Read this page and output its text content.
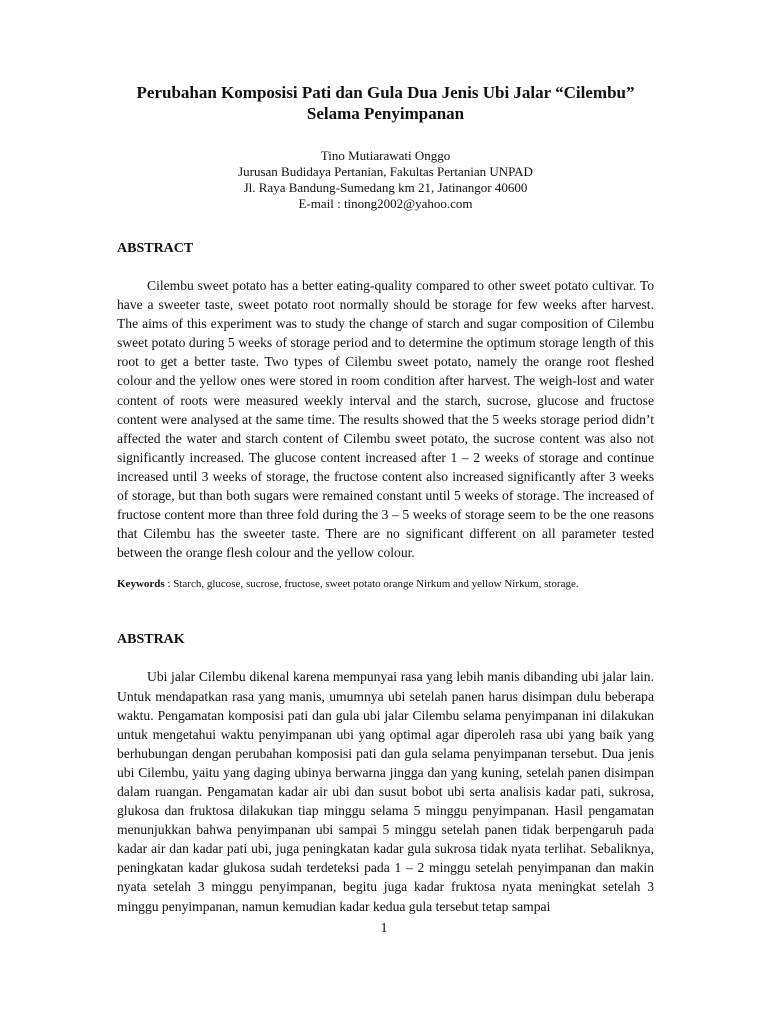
Perubahan Komposisi Pati dan Gula Dua Jenis Ubi Jalar “Cilembu”
Selama Penyimpanan
Tino Mutiarawati Onggo
Jurusan Budidaya Pertanian, Fakultas Pertanian UNPAD
Jl. Raya Bandung-Sumedang km 21, Jatinangor 40600
E-mail : tinong2002@yahoo.com
ABSTRACT

Cilembu sweet potato has a better eating-quality compared to other sweet potato cultivar. To have a sweeter taste, sweet potato root normally should be storage for few weeks after harvest. The aims of this experiment was to study the change of starch and sugar composition of Cilembu sweet potato during 5 weeks of storage period and to determine the optimum storage length of this root to get a better taste. Two types of Cilembu sweet potato, namely the orange root fleshed colour and the yellow ones were stored in room condition after harvest. The weigh-lost and water content of roots were measured weekly interval and the starch, sucrose, glucose and fructose content were analysed at the same time. The results showed that the 5 weeks storage period didn’t affected the water and starch content of Cilembu sweet potato, the sucrose content was also not significantly increased. The glucose content increased after 1 – 2 weeks of storage and continue increased until 3 weeks of storage, the fructose content also increased significantly after 3 weeks of storage, but than both sugars were remained constant until 5 weeks of storage. The increased of fructose content more than three fold during the 3 – 5 weeks of storage seem to be the one reasons that Cilembu has the sweeter taste. There are no significant different on all parameter tested between the orange flesh colour and the yellow colour.

Keywords : Starch, glucose, sucrose, fructose, sweet potato orange Nirkum and yellow Nirkum, storage.
ABSTRAK

Ubi jalar Cilembu dikenal karena mempunyai rasa yang lebih manis dibanding ubi jalar lain. Untuk mendapatkan rasa yang manis, umumnya ubi setelah panen harus disimpan dulu beberapa waktu. Pengamatan komposisi pati dan gula ubi jalar Cilembu selama penyimpanan ini dilakukan untuk mengetahui waktu penyimpanan ubi yang optimal agar diperoleh rasa ubi yang baik yang berhubungan dengan perubahan komposisi pati dan gula selama penyimpanan tersebut. Dua jenis ubi Cilembu, yaitu yang daging ubinya berwarna jingga dan yang kuning, setelah panen disimpan dalam ruangan. Pengamatan kadar air ubi dan susut bobot ubi serta analisis kadar pati, sukrosa, glukosa dan fruktosa dilakukan tiap minggu selama 5 minggu penyimpanan. Hasil pengamatan menunjukkan bahwa penyimpanan ubi sampai 5 minggu setelah panen tidak berpengaruh pada kadar air dan kadar pati ubi, juga peningkatan kadar gula sukrosa tidak nyata terlihat. Sebaliknya, peningkatan kadar glukosa sudah terdeteksi pada 1 – 2 minggu setelah penyimpanan dan makin nyata setelah 3 minggu penyimpanan, begitu juga kadar fruktosa nyata meningkat setelah 3 minggu penyimpanan, namun kemudian kadar kedua gula tersebut tetap sampai

1
